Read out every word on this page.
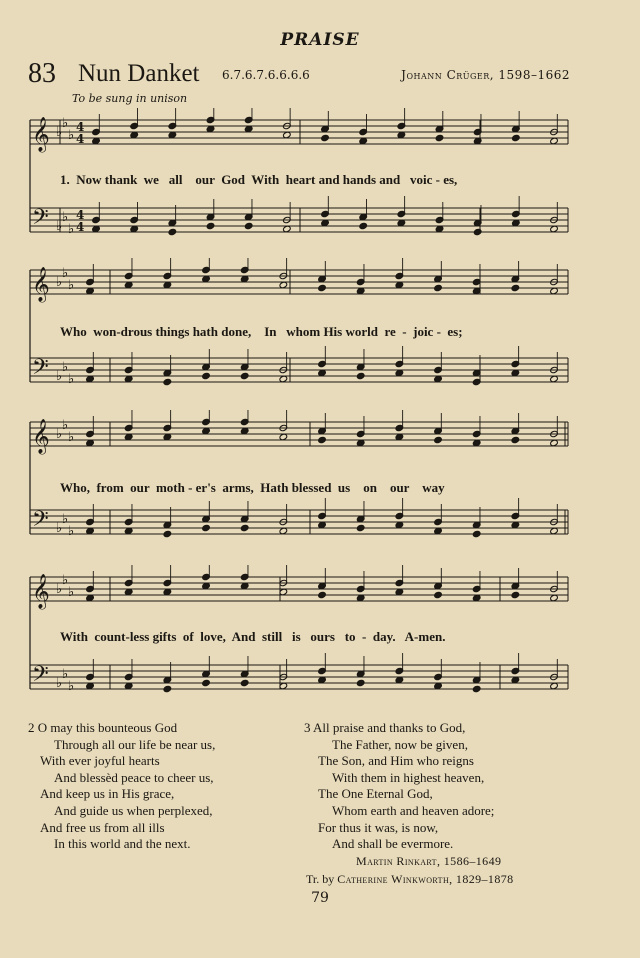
PRAISE
83 Nun Danket 6.7.6.7.6.6.6.6	Johann Crüger, 1598–1662
To be sung in unison
𝄞
𝄢
♭
♭
♭
♭
♭
♭
4
4
4
4
1.  Now thank  we   all    our  God  With  heart and hands and   voic - es,
𝄞
𝄢
♭
♭
♭
♭
♭
♭
Who  won-drous things hath done,    In   whom His world  re  -  joic -  es;
𝄞
𝄢
♭
♭
♭
♭
♭
♭
Who,  from  our  moth - er's  arms,  Hath blessed  us    on    our    way
𝄞
𝄢
♭
♭
♭
♭
♭
♭
With  count-less gifts  of  love,  And  still   is   ours   to  -  day.   A-men.
2 O may this bounteous God
Through all our life be near us,
With ever joyful hearts
And blessèd peace to cheer us,
And keep us in His grace,
And guide us when perplexed,
And free us from all ills
In this world and the next.
3 All praise and thanks to God,
The Father, now be given,
The Son, and Him who reigns
With them in highest heaven,
The One Eternal God,
Whom earth and heaven adore;
For thus it was, is now,
And shall be evermore.
Martin Rinkart, 1586–1649
Tr. by Catherine Winkworth, 1829–1878
79
